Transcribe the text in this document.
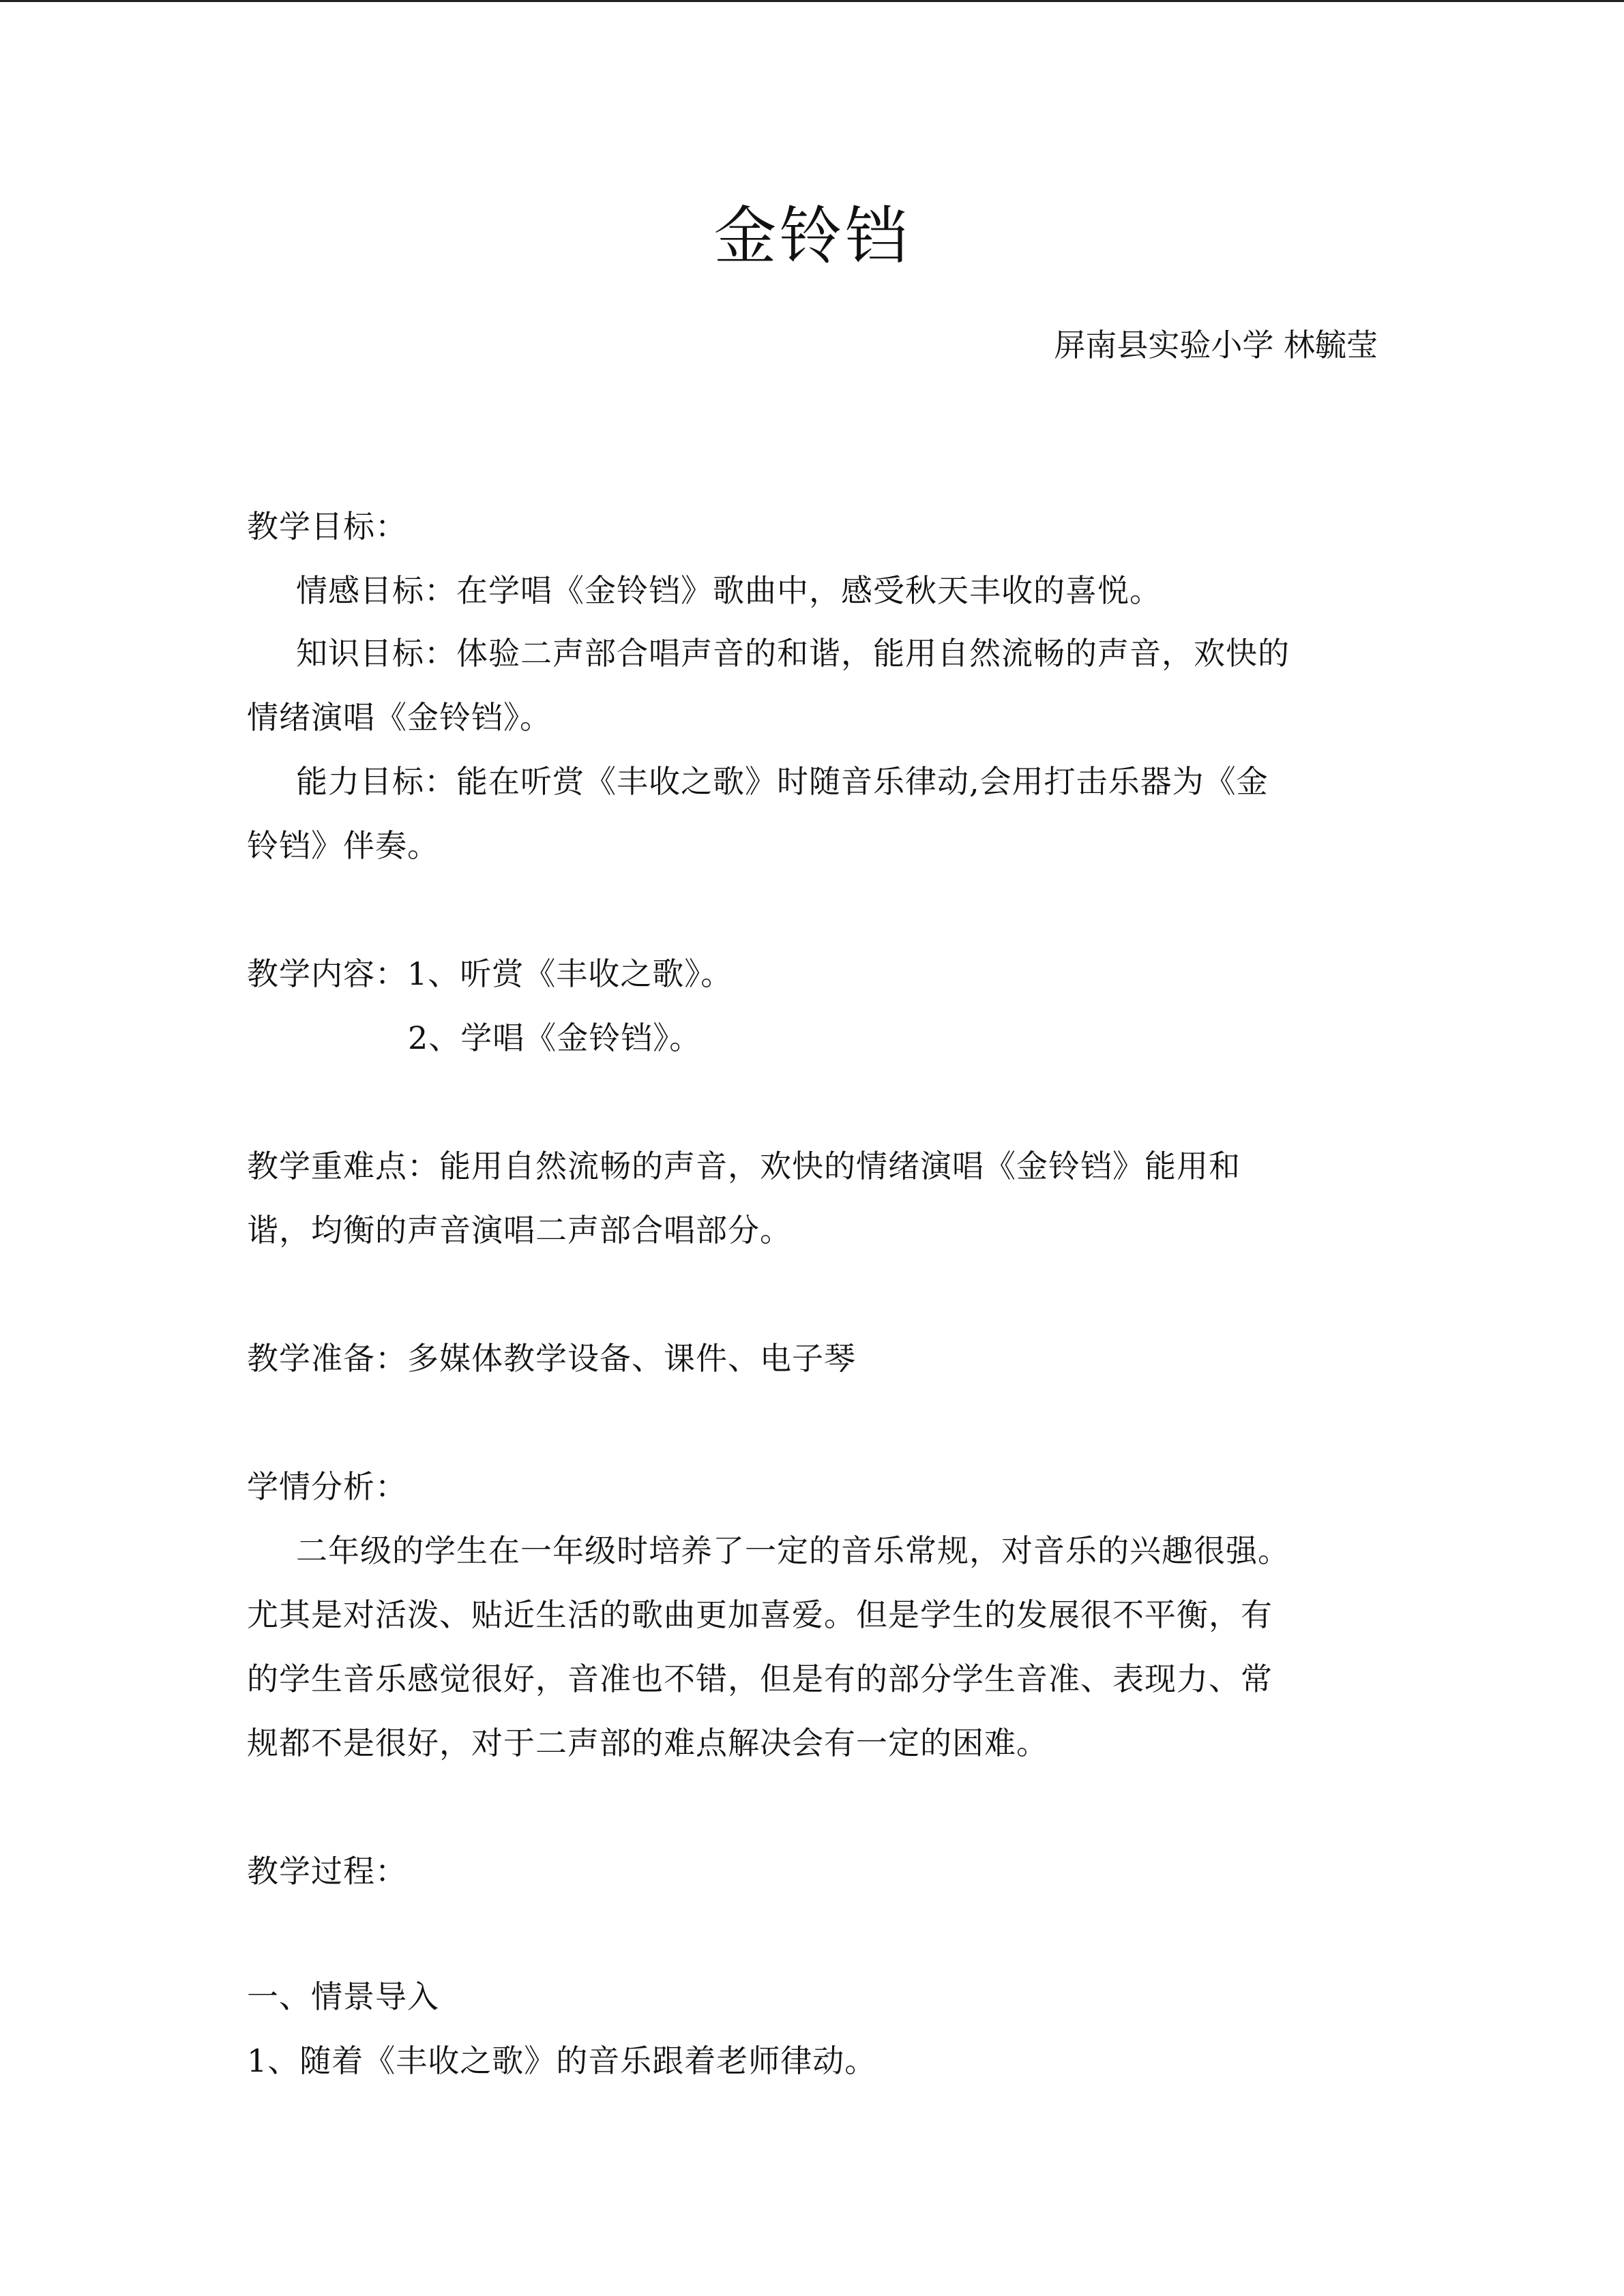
金铃铛
屏南县实验小学 林毓莹
教学目标：
情感目标：在学唱《金铃铛》歌曲中，感受秋天丰收的喜悦。
知识目标：体验二声部合唱声音的和谐，能用自然流畅的声音，欢快的
情绪演唱《金铃铛》。
能力目标：能在听赏《丰收之歌》时随音乐律动,会用打击乐器为《金
铃铛》伴奏。
教学内容：1、听赏《丰收之歌》。
2、学唱《金铃铛》。
教学重难点：能用自然流畅的声音，欢快的情绪演唱《金铃铛》能用和
谐，均衡的声音演唱二声部合唱部分。
教学准备：多媒体教学设备、课件、电子琴
学情分析：
二年级的学生在一年级时培养了一定的音乐常规，对音乐的兴趣很强。
尤其是对活泼、贴近生活的歌曲更加喜爱。但是学生的发展很不平衡，有
的学生音乐感觉很好，音准也不错，但是有的部分学生音准、表现力、常
规都不是很好，对于二声部的难点解决会有一定的困难。
教学过程：
一、情景导入
1、随着《丰收之歌》的音乐跟着老师律动。
